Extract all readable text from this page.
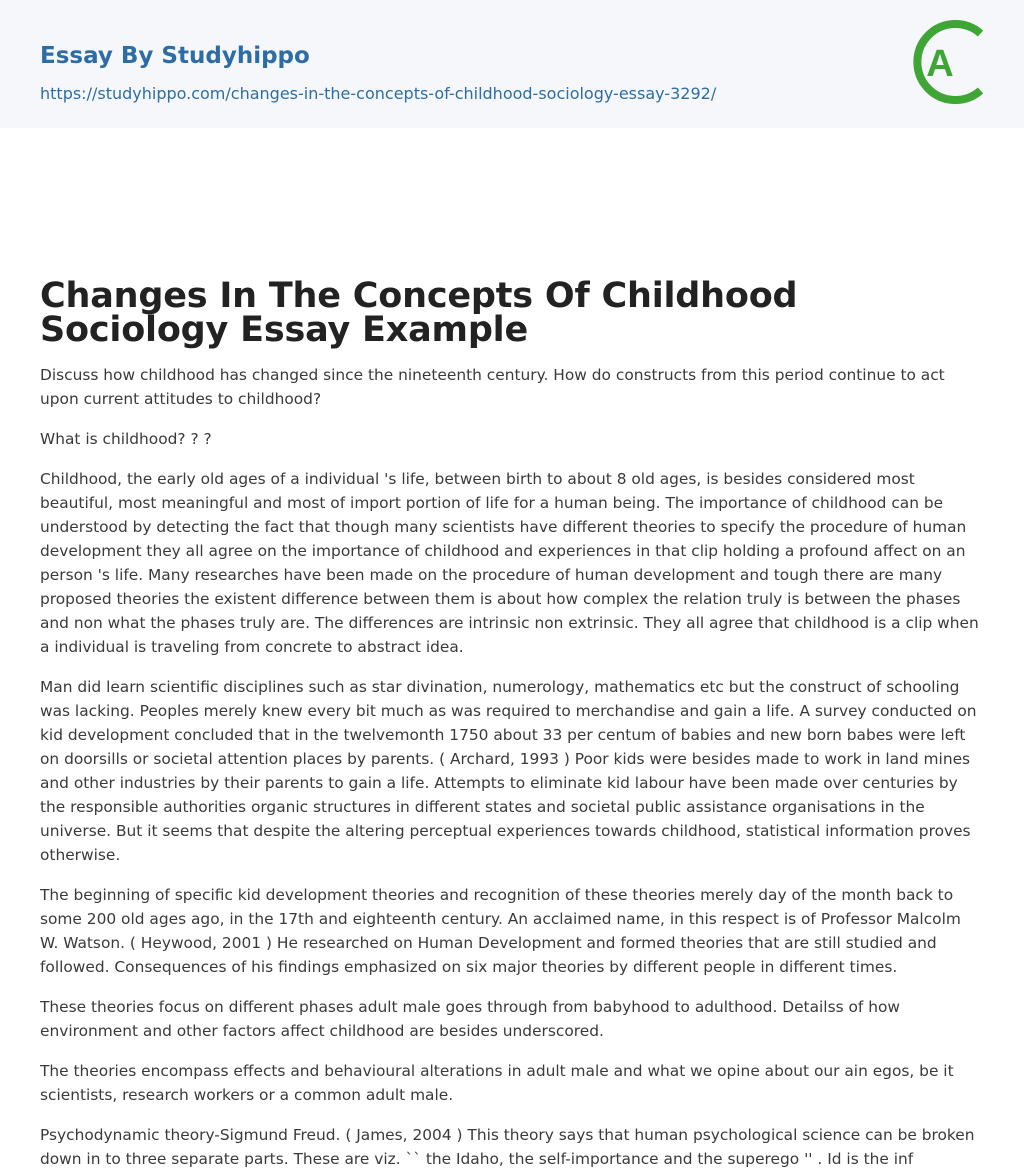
Essay By Studyhippo
https://studyhippo.com/changes-in-the-concepts-of-childhood-sociology-essay-3292/
A
Changes In The Concepts Of Childhood Sociology Essay Example

Discuss how childhood has changed since the nineteenth century. How do constructs from this period continue to act upon current attitudes to childhood?

What is childhood? ? ?

Childhood, the early old ages of a individual 's life, between birth to about 8 old ages, is besides considered most beautiful, most meaningful and most of import portion of life for a human being. The importance of childhood can be understood by detecting the fact that though many scientists have different theories to specify the procedure of human development they all agree on the importance of childhood and experiences in that clip holding a profound affect on an person 's life. Many researches have been made on the procedure of human development and tough there are many proposed theories the existent difference between them is about how complex the relation truly is between the phases and non what the phases truly are. The differences are intrinsic non extrinsic. They all agree that childhood is a clip when a individual is traveling from concrete to abstract idea.

Man did learn scientific disciplines such as star divination, numerology, mathematics etc but the construct of schooling was lacking. Peoples merely knew every bit much as was required to merchandise and gain a life. A survey conducted on kid development concluded that in the twelvemonth 1750 about 33 per centum of babies and new born babes were left on doorsills or societal attention places by parents. ( Archard, 1993 ) Poor kids were besides made to work in land mines and other industries by their parents to gain a life. Attempts to eliminate kid labour have been made over centuries by the responsible authorities organic structures in different states and societal public assistance organisations in the universe. But it seems that despite the altering perceptual experiences towards childhood, statistical information proves otherwise.

The beginning of specific kid development theories and recognition of these theories merely day of the month back to some 200 old ages ago, in the 17th and eighteenth century. An acclaimed name, in this respect is of Professor Malcolm W. Watson. ( Heywood, 2001 ) He researched on Human Development and formed theories that are still studied and followed. Consequences of his findings emphasized on six major theories by different people in different times.

These theories focus on different phases adult male goes through from babyhood to adulthood. Detailss of how environment and other factors affect childhood are besides underscored.

The theories encompass effects and behavioural alterations in adult male and what we opine about our ain egos, be it scientists, research workers or a common adult male.

Psychodynamic theory-Sigmund Freud. ( James, 2004 ) This theory says that human psychological science can be broken down in to three separate parts. These are viz. `` the Idaho, the self-importance and the superego '' . Id is the inf
